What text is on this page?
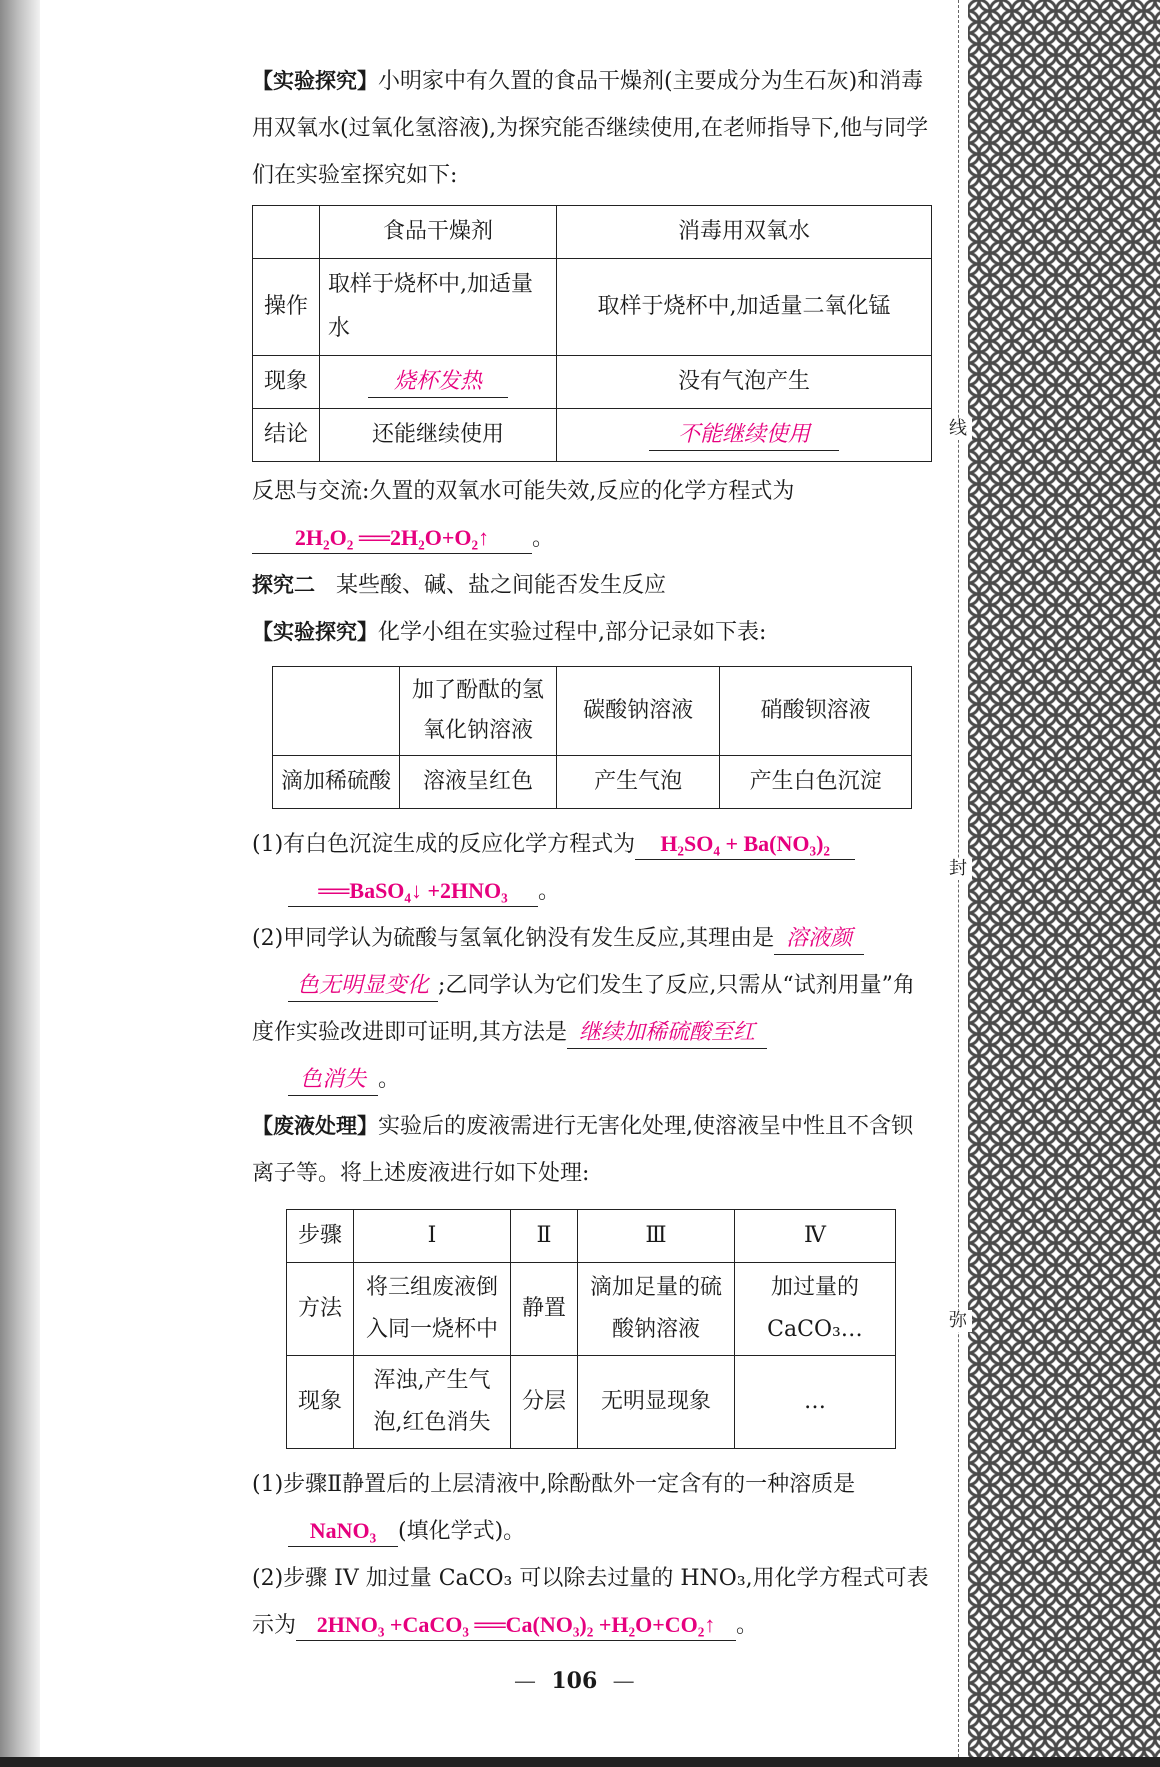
线
封
弥

【实验探究】小明家中有久置的食品干燥剂(主要成分为生石灰)和消毒用双氧水(过氧化氢溶液),为探究能否继续使用,在老师指导下,他与同学们在实验室探究如下:

	食品干燥剂	消毒用双氧水
操作	取样于烧杯中,加适量水	取样于烧杯中,加适量二氧化锰
现象	烧杯发热	没有气泡产生
结论	还能继续使用	不能继续使用

反思与交流:久置的双氧水可能失效,反应的化学方程式为
2H₂O₂ ══2H₂O+O₂↑ 。

探究二 某些酸、碱、盐之间能否发生反应

【实验探究】化学小组在实验过程中,部分记录如下表:

	加了酚酞的氢氧化钠溶液	碳酸钠溶液	硝酸钡溶液
滴加稀硫酸	溶液呈红色	产生气泡	产生白色沉淀

(1)有白色沉淀生成的反应化学方程式为 H₂SO₄ + Ba(NO₃)₂
══BaSO₄↓ +2HNO₃ 。

(2)甲同学认为硫酸与氢氧化钠没有发生反应,其理由是 溶液颜
色无明显变化 ;乙同学认为它们发生了反应,只需从“试剂用量”角度作实验改进即可证明,其方法是 继续加稀硫酸至红
色消失 。

【废液处理】实验后的废液需进行无害化处理,使溶液呈中性且不含钡离子等。将上述废液进行如下处理:

步骤	Ⅰ	Ⅱ	Ⅲ	Ⅳ
方法	将三组废液倒入同一烧杯中	静置	滴加足量的硫酸钠溶液	加过量的CaCO₃…
现象	浑浊,产生气泡,红色消失	分层	无明显现象	…

(1)步骤Ⅱ静置后的上层清液中,除酚酞外一定含有的一种溶质是
NaNO₃ (填化学式)。

(2)步骤 IV 加过量 CaCO₃ 可以除去过量的 HNO₃,用化学方程式可表示为 2HNO₃ +CaCO₃ ══Ca(NO₃)₂ +H₂O+CO₂↑ 。

— 106 —
